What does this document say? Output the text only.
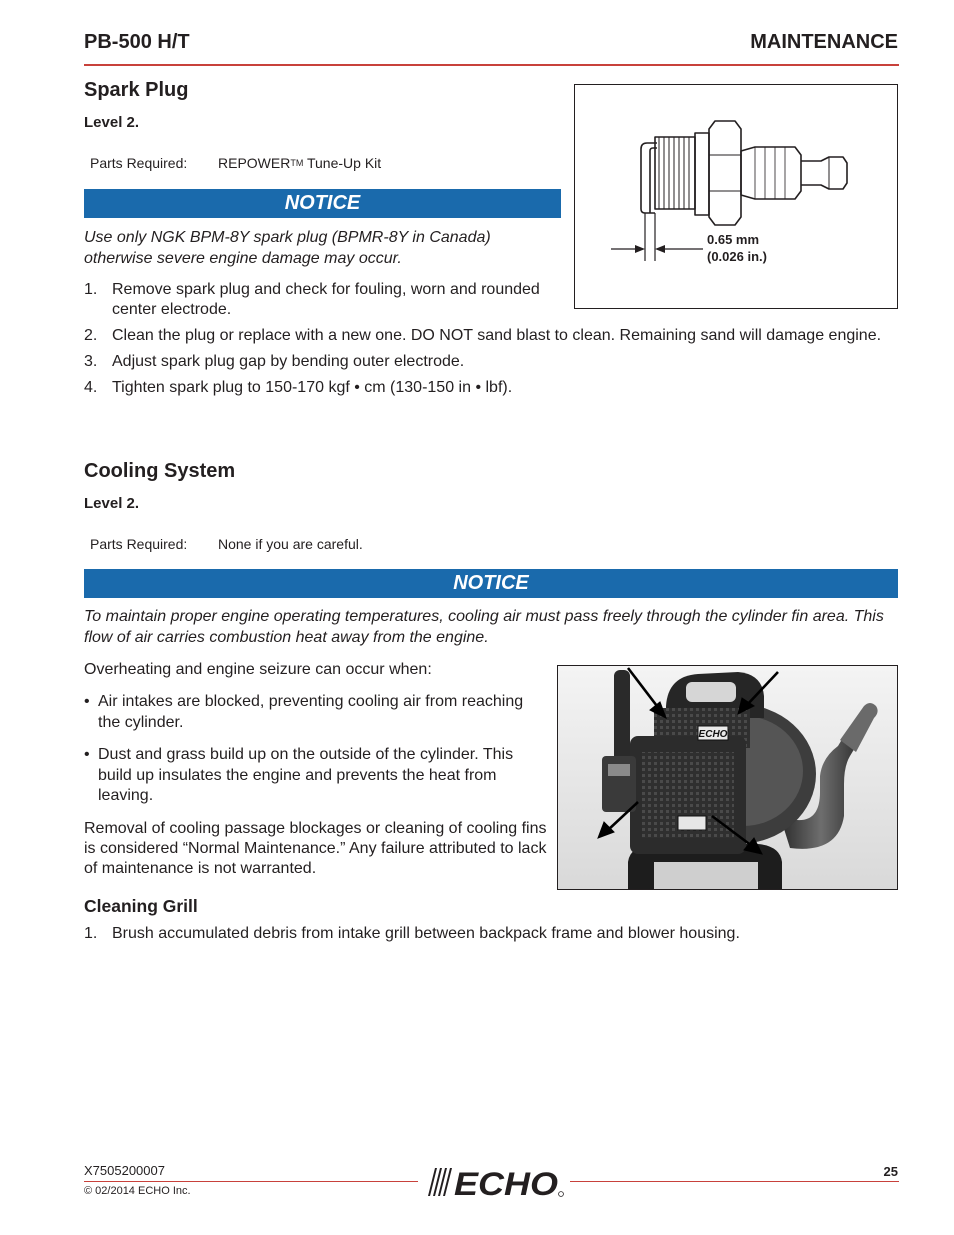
PB-500 H/T	MAINTENANCE
Spark Plug
Level 2.
Parts Required: REPOWERTM Tune-Up Kit
NOTICE
Use only NGK BPM-8Y spark plug (BPMR-8Y in Canada) otherwise severe engine damage may occur.
0.65 mm
(0.026 in.)
1. Remove spark plug and check for fouling, worn and rounded center electrode.
2. Clean the plug or replace with a new one. DO NOT sand blast to clean. Remaining sand will damage engine.
3. Adjust spark plug gap by bending outer electrode.
4. Tighten spark plug to 150-170 kgf • cm (130-150 in • lbf).
Cooling System
Level 2.
Parts Required: None if you are careful.
NOTICE
To maintain proper engine operating temperatures, cooling air must pass freely through the cylinder fin area. This flow of air carries combustion heat away from the engine.
Overheating and engine seizure can occur when:
• Air intakes are blocked, preventing cooling air from reaching the cylinder.
• Dust and grass build up on the outside of the cylinder. This build up insulates the engine and prevents the heat from leaving.
Removal of cooling passage blockages or cleaning of cooling fins is considered “Normal Maintenance.” Any failure attributed to lack of maintenance is not warranted.
ECHO
Cleaning Grill
1. Brush accumulated debris from intake grill between backpack frame and blower housing.
X7505200007
© 02/2014 ECHO Inc.	ECHO	25
